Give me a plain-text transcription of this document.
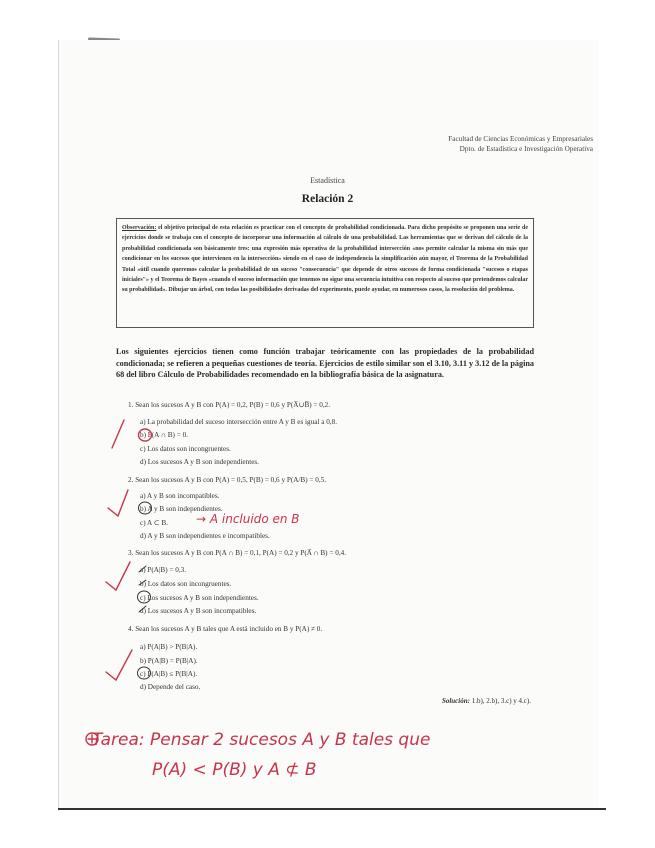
Facultad de Ciencias Económicas y Empresariales
Dpto. de Estadística e Investigación Operativa
Estadística
Relación 2
Observación: el objetivo principal de esta relación es practicar con el concepto de probabilidad condicionada. Para dicho propósito se proponen una serie de ejercicios donde se trabaja con el concepto de incorporar una información al cálculo de una probabilidad. Las herramientas que se derivan del cálculo de la probabilidad condicionada son básicamente tres: una expresión más operativa de la probabilidad intersección «nos permite calcular la misma sin más que condicionar en los sucesos que intervienen en la intersección» siendo en el caso de independencia la simplificación aún mayor, el Teorema de la Probabilidad Total «útil cuando queremos calcular la probabilidad de un suceso "consecuencia" que depende de otros sucesos de forma condicionada "sucesos o etapas iniciales"» y el Teorema de Bayes «cuando el suceso información que tenemos no sigue una secuencia intuitiva con respecto al suceso que pretendemos calcular su probabilidad». Dibujar un árbol, con todas las posibilidades derivadas del experimento, puede ayudar, en numerosos casos, la resolución del problema.
Los siguientes ejercicios tienen como función trabajar teóricamente con las propiedades de la probabilidad condicionada; se refieren a pequeñas cuestiones de teoría. Ejercicios de estilo similar son el 3.10, 3.11 y 3.12 de la página 68 del libro Cálculo de Probabilidades recomendado en la bibliografía básica de la asignatura.
1. Sean los sucesos A y B con P(A) = 0,2, P(B) = 0,6 y P(A̅∪B̅) = 0,2.
a) La probabilidad del suceso intersección entre A y B es igual a 0,8.
b) P(A ∩ B) = 0.
c) Los datos son incongruentes.
d) Los sucesos A y B son independientes.
2. Sean los sucesos A y B con P(A) = 0,5, P(B) = 0,6 y P(A/B) = 0,5.
a) A y B son incompatibles.
b) A y B son independientes.
c) A ⊂ B.
d) A y B son independientes e incompatibles.
3. Sean los sucesos A y B con P(A ∩ B) = 0,1, P(A) = 0,2 y P(A̅ ∩ B) = 0,4.
a) P(A|B) = 0,3.
b) Los datos son incongruentes.
c) Los sucesos A y B son independientes.
d) Los sucesos A y B son incompatibles.
4. Sean los sucesos A y B tales que A está incluido en B y P(A) ≠ 0.
a) P(A|B) > P(B|A).
b) P(A|B) = P(B|A).
c) P(A|B) ≤ P(B|A).
d) Depende del caso.
Solución: 1.b), 2.b), 3.c) y 4.c).
→ A incluido en B
Tarea: Pensar 2 sucesos A y B tales que
P(A) < P(B) y A ⊄ B
